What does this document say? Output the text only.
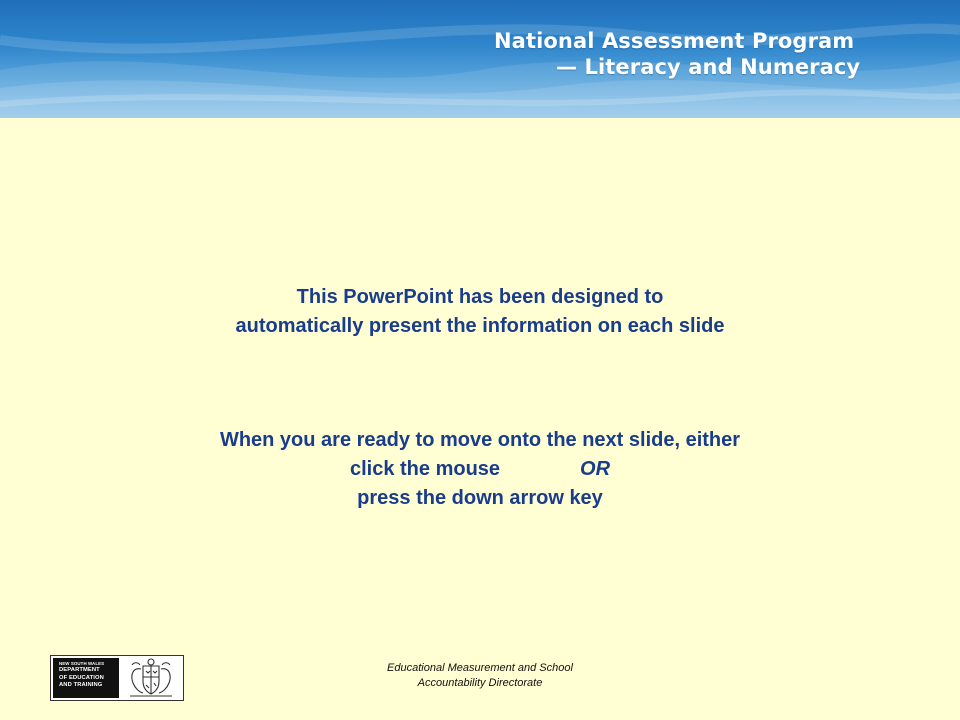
National Assessment Program
— Literacy and Numeracy
This PowerPoint has been designed to
automatically present the information on each slide
When you are ready to move onto the next slide, either
click the mouse	OR
press the down arrow key
NEW SOUTH WALES
DEPARTMENT
OF EDUCATION
AND TRAINING
Educational Measurement and School
Accountability Directorate
